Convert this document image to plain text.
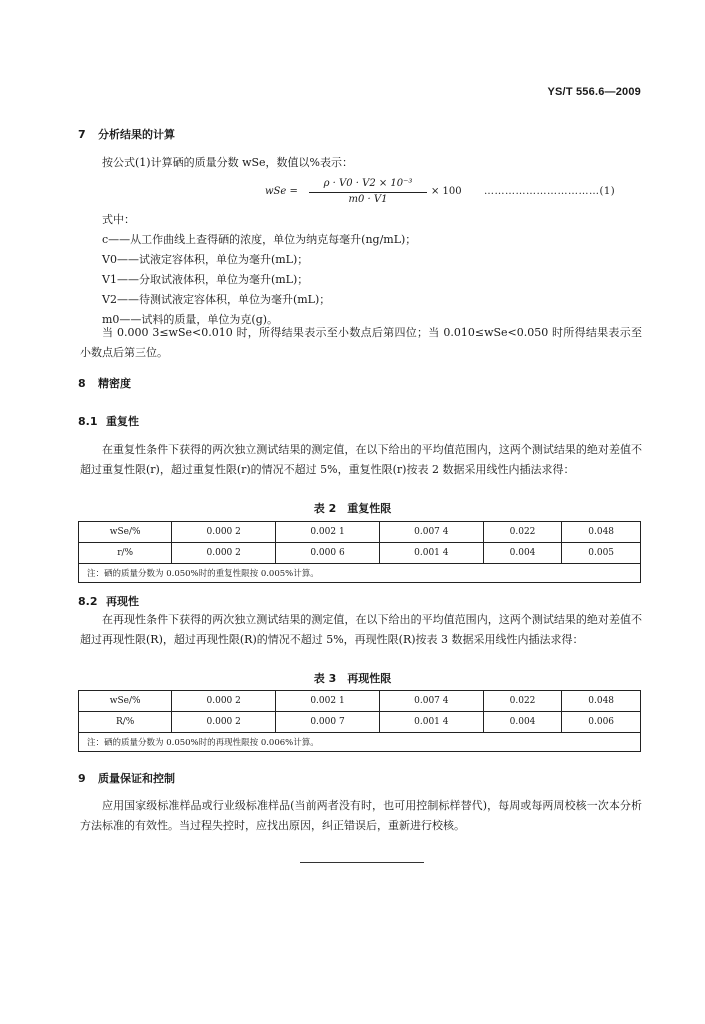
YS/T 556.6—2009
7 分析结果的计算
按公式(1)计算硒的质量分数 wSe，数值以%表示：
wSe =
ρ · V0 · V2 × 10⁻³
m0 · V1
× 100 ……………………………(1)
式中：
c——从工作曲线上查得硒的浓度，单位为纳克每毫升(ng/mL)；
V0——试液定容体积，单位为毫升(mL)；
V1——分取试液体积，单位为毫升(mL)；
V2——待测试液定容体积，单位为毫升(mL)；
m0——试料的质量，单位为克(g)。
当 0.000 3≤wSe<0.010 时，所得结果表示至小数点后第四位；当 0.010≤wSe<0.050 时所得结果表示至小数点后第三位。
8 精密度
8.1 重复性
在重复性条件下获得的两次独立测试结果的测定值，在以下给出的平均值范围内，这两个测试结果的绝对差值不超过重复性限(r)，超过重复性限(r)的情况不超过 5%，重复性限(r)按表 2 数据采用线性内插法求得：
表 2　重复性限
wSe/%	0.000 2	0.002 1	0.007 4	0.022	0.048
r/%	0.000 2	0.000 6	0.001 4	0.004	0.005
注：硒的质量分数为 0.050%时的重复性限按 0.005%计算。					
8.2 再现性
在再现性条件下获得的两次独立测试结果的测定值，在以下给出的平均值范围内，这两个测试结果的绝对差值不超过再现性限(R)，超过再现性限(R)的情况不超过 5%，再现性限(R)按表 3 数据采用线性内插法求得：
表 3　再现性限
wSe/%	0.000 2	0.002 1	0.007 4	0.022	0.048
R/%	0.000 2	0.000 7	0.001 4	0.004	0.006
注：硒的质量分数为 0.050%时的再现性限按 0.006%计算。					
9 质量保证和控制
应用国家级标准样品或行业级标准样品(当前两者没有时，也可用控制标样替代)，每周或每两周校核一次本分析方法标准的有效性。当过程失控时，应找出原因，纠正错误后，重新进行校核。
